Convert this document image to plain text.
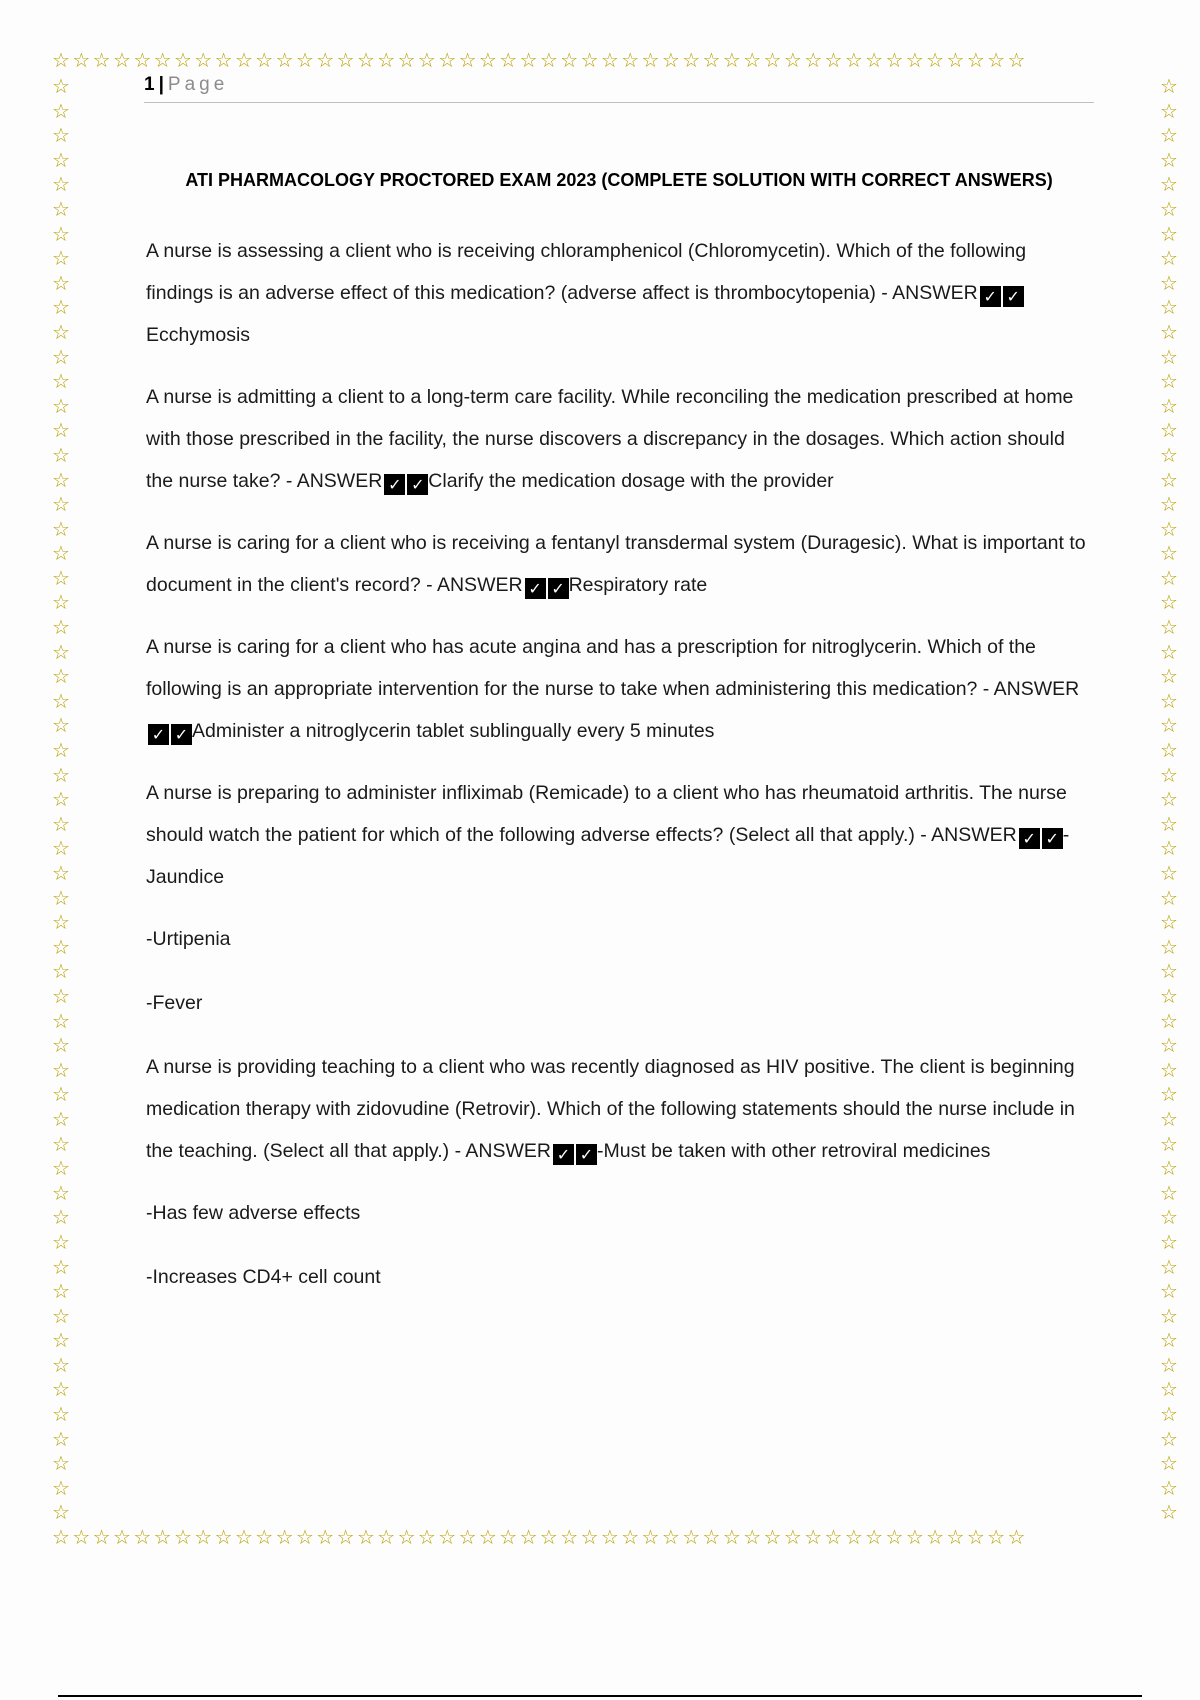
☆☆☆☆☆☆☆☆☆☆☆☆☆☆☆☆☆☆☆☆☆☆☆☆☆☆☆☆☆☆☆☆☆☆☆☆☆☆☆☆☆☆☆☆☆☆☆☆
☆☆☆☆☆☆☆☆☆☆☆☆☆☆☆☆☆☆☆☆☆☆☆☆☆☆☆☆☆☆☆☆☆☆☆☆☆☆☆☆☆☆☆☆☆☆☆☆
☆☆☆☆☆☆☆☆☆☆☆☆☆☆☆☆☆☆☆☆☆☆☆☆☆☆☆☆☆☆☆☆☆☆☆☆☆☆☆☆☆☆☆☆☆☆☆☆☆☆☆☆☆☆☆☆☆☆☆
☆☆☆☆☆☆☆☆☆☆☆☆☆☆☆☆☆☆☆☆☆☆☆☆☆☆☆☆☆☆☆☆☆☆☆☆☆☆☆☆☆☆☆☆☆☆☆☆☆☆☆☆☆☆☆☆☆☆☆
1 | Page
ATI PHARMACOLOGY PROCTORED EXAM 2023 (COMPLETE SOLUTION WITH CORRECT ANSWERS)
A nurse is assessing a client who is receiving chloramphenicol (Chloromycetin). Which of the following findings is an adverse effect of this medication? (adverse affect is thrombocytopenia) - ANSWER ✓ ✓Ecchymosis
A nurse is admitting a client to a long-term care facility. While reconciling the medication prescribed at home with those prescribed in the facility, the nurse discovers a discrepancy in the dosages. Which action should the nurse take? - ANSWER ✓ ✓ Clarify the medication dosage with the provider
A nurse is caring for a client who is receiving a fentanyl transdermal system (Duragesic). What is important to document in the client's record? - ANSWER ✓ ✓ Respiratory rate
A nurse is caring for a client who has acute angina and has a prescription for nitroglycerin. Which of the following is an appropriate intervention for the nurse to take when administering this medication? - ANSWER✓ ✓ Administer a nitroglycerin tablet sublingually every 5 minutes
A nurse is preparing to administer infliximab (Remicade) to a client who has rheumatoid arthritis. The nurse should watch the patient for which of the following adverse effects? (Select all that apply.) - ANSWER ✓ ✓ -Jaundice
-Urtipenia
-Fever
A nurse is providing teaching to a client who was recently diagnosed as HIV positive. The client is beginning medication therapy with zidovudine (Retrovir). Which of the following statements should the nurse include in the teaching. (Select all that apply.) - ANSWER ✓ ✓ -Must be taken with other retroviral medicines
-Has few adverse effects
-Increases CD4+ cell count
